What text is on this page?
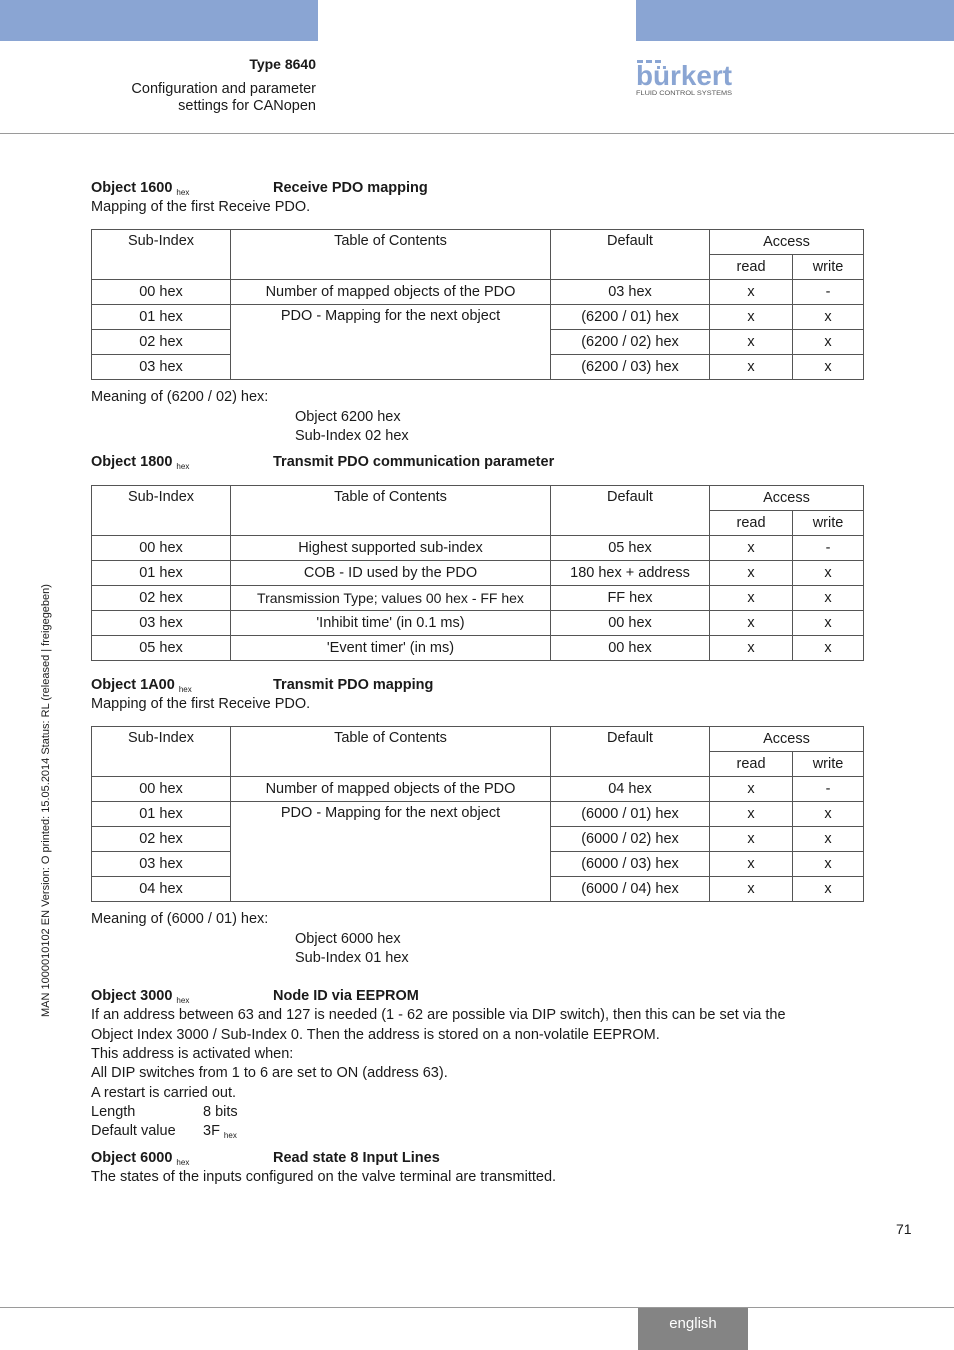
Type 8640
Configuration and parameter
settings for CANopen
bürkert
FLUID CONTROL SYSTEMS
MAN 1000010102 EN Version: O printed: 15.05.2014 Status: RL (released | freigegeben)
Object 1600 $_{hex}$	Receive PDO mapping
Mapping of the first Receive PDO.
Sub-Index	Table of Contents	Default	Access	
			read	write
00 hex	Number of mapped objects of the PDO	03 hex	x	-
01 hex	PDO - Mapping for the next object	(6200 / 01) hex	x	x
02 hex		(6200 / 02) hex	x	x
03 hex		(6200 / 03) hex	x	x
Meaning of (6200 / 02) hex:
Object 6200 hex
Sub-Index 02 hex
Object 1800 $_{hex}$	Transmit PDO communication parameter
Sub-Index	Table of Contents	Default	Access	
			read	write
00 hex	Highest supported sub-index	05 hex	x	-
01 hex	COB - ID used by the PDO	180 hex + address	x	x
02 hex	Transmission Type; values 00 hex - FF hex	FF hex	x	x
03 hex	'Inhibit time' (in 0.1 ms)	00 hex	x	x
05 hex	'Event timer' (in ms)	00 hex	x	x
Object 1A00 $_{hex}$	Transmit PDO mapping
Mapping of the first Receive PDO.
Sub-Index	Table of Contents	Default	Access	
			read	write
00 hex	Number of mapped objects of the PDO	04 hex	x	-
01 hex	PDO - Mapping for the next object	(6000 / 01) hex	x	x
02 hex		(6000 / 02) hex	x	x
03 hex		(6000 / 03) hex	x	x
04 hex		(6000 / 04) hex	x	x
Meaning of (6000 / 01) hex:
Object 6000 hex
Sub-Index 01 hex
Object 3000 $_{hex}$	Node ID via EEPROM
If an address between 63 and 127 is needed (1 - 62 are possible via DIP switch), then this can be set via the
Object Index 3000 / Sub-Index 0. Then the address is stored on a non-volatile EEPROM.
This address is activated when:
All DIP switches from 1 to 6 are set to ON (address 63).
A restart is carried out.
Length	8 bits
Default value	3F hex
Object 6000 $_{hex}$	Read state 8 Input Lines
The states of the inputs configured on the valve terminal are transmitted.
71
english
